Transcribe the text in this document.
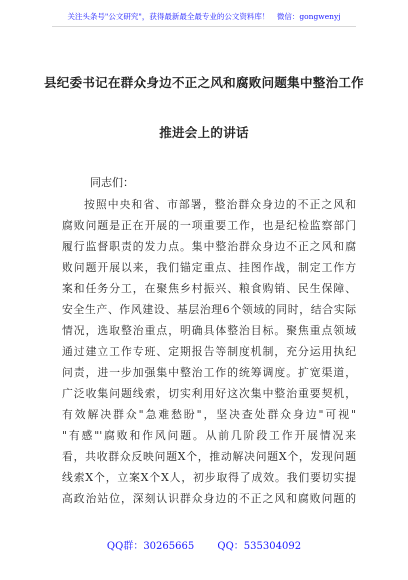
关注头条号"公文研究"，获得最新最全最专业的公文资料库！　微信：gongwenyj
县纪委书记在群众身边不正之风和腐败问题集中整治工作
推进会上的讲话
同志们：
按照中央和省、市部署，整治群众身边的不正之风和
腐败问题是正在开展的一项重要工作，也是纪检监察部门
履行监督职责的发力点。集中整治群众身边不正之风和腐
败问题开展以来，我们锚定重点、挂图作战，制定工作方
案和任务分工，在聚焦乡村振兴、粮食购销、民生保障、
安全生产、作风建设、基层治理6个领域的同时，结合实际
情况，选取整治重点，明确具体整治目标。聚焦重点领域
通过建立工作专班、定期报告等制度机制，充分运用执纪
问责，进一步加强集中整治工作的统筹调度。扩宽渠道，
广泛收集问题线索，切实利用好这次集中整治重要契机，
有效解决群众"急难愁盼"，坚决查处群众身边"可视"
"有感"'腐败和作风问题。从前几阶段工作开展情况来
看，共收群众反映问题X个，推动解决问题X个，发现问题
线索X个，立案X个X人，初步取得了成效。我们要切实提
高政治站位，深刻认识群众身边的不正之风和腐败问题的
QQ群：30265665 QQ：535304092
